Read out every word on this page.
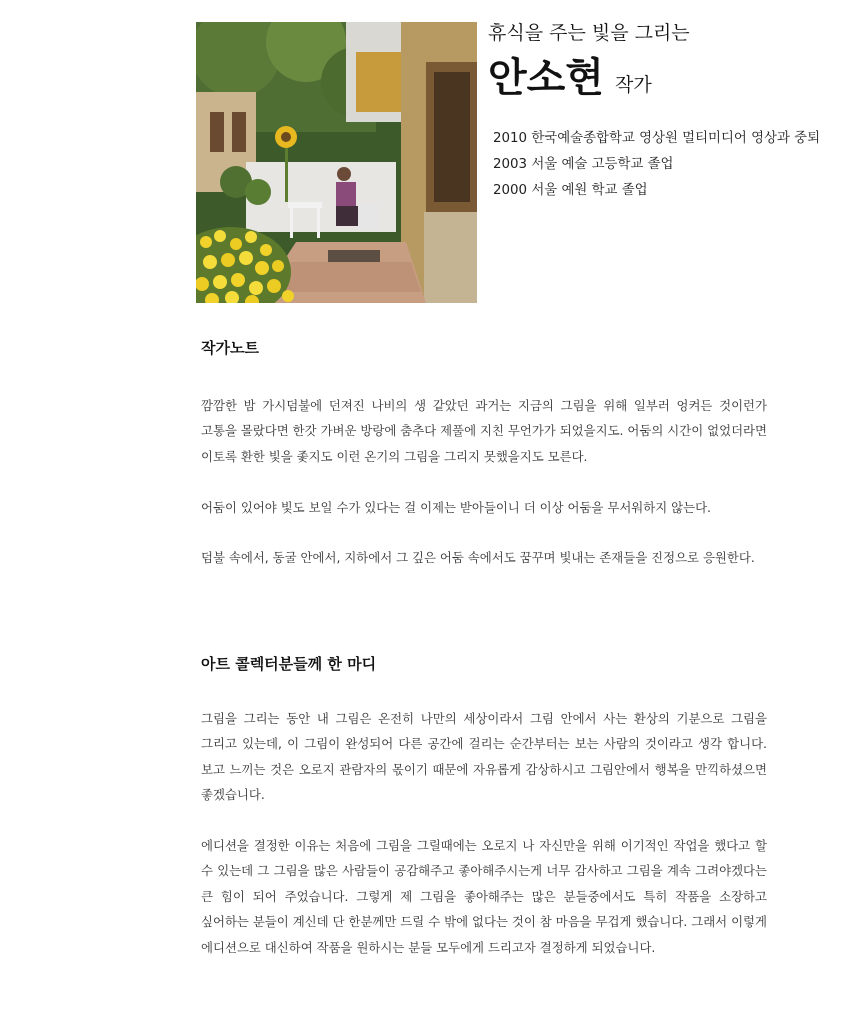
휴식을 주는 빛을 그리는
안소현 작가
2010 한국예술종합학교 영상원 멀티미디어 영상과 중퇴
2003 서울 예술 고등학교 졸업
2000 서울 예원 학교 졸업
작가노트

깜깜한 밤 가시덤불에 던져진 나비의 생 같았던 과거는 지금의 그림을 위해 일부러 엉켜든 것이런가 고통을 몰랐다면 한갓 가벼운 방랑에 춤추다 제풀에 지친 무언가가 되었을지도. 어둠의 시간이 없었더라면 이토록 환한 빛을 좇지도 이런 온기의 그림을 그리지 못했을지도 모른다.

어둠이 있어야 빛도 보일 수가 있다는 걸 이제는 받아들이니 더 이상 어둠을 무서워하지 않는다.

덤불 속에서, 동굴 안에서, 지하에서 그 깊은 어둠 속에서도 꿈꾸며 빛내는 존재들을 진정으로 응원한다.

아트 콜렉터분들께 한 마디

그림을 그리는 동안 내 그림은 온전히 나만의 세상이라서 그림 안에서 사는 환상의 기분으로 그림을 그리고 있는데, 이 그림이 완성되어 다른 공간에 걸리는 순간부터는 보는 사람의 것이라고 생각 합니다. 보고 느끼는 것은 오로지 관람자의 몫이기 때문에 자유롭게 감상하시고 그림안에서 행복을 만끽하셨으면 좋겠습니다.

에디션을 결정한 이유는 처음에 그림을 그릴때에는 오로지 나 자신만을 위해 이기적인 작업을 했다고 할 수 있는데 그 그림을 많은 사람들이 공감해주고 좋아해주시는게 너무 감사하고 그림을 계속 그려야겠다는 큰 힘이 되어 주었습니다. 그렇게 제 그림을 좋아해주는 많은 분들중에서도 특히 작품을 소장하고 싶어하는 분들이 계신데 단 한분께만 드릴 수 밖에 없다는 것이 참 마음을 무겁게 했습니다. 그래서 이렇게 에디션으로 대신하여 작품을 원하시는 분들 모두에게 드리고자 결정하게 되었습니다.
